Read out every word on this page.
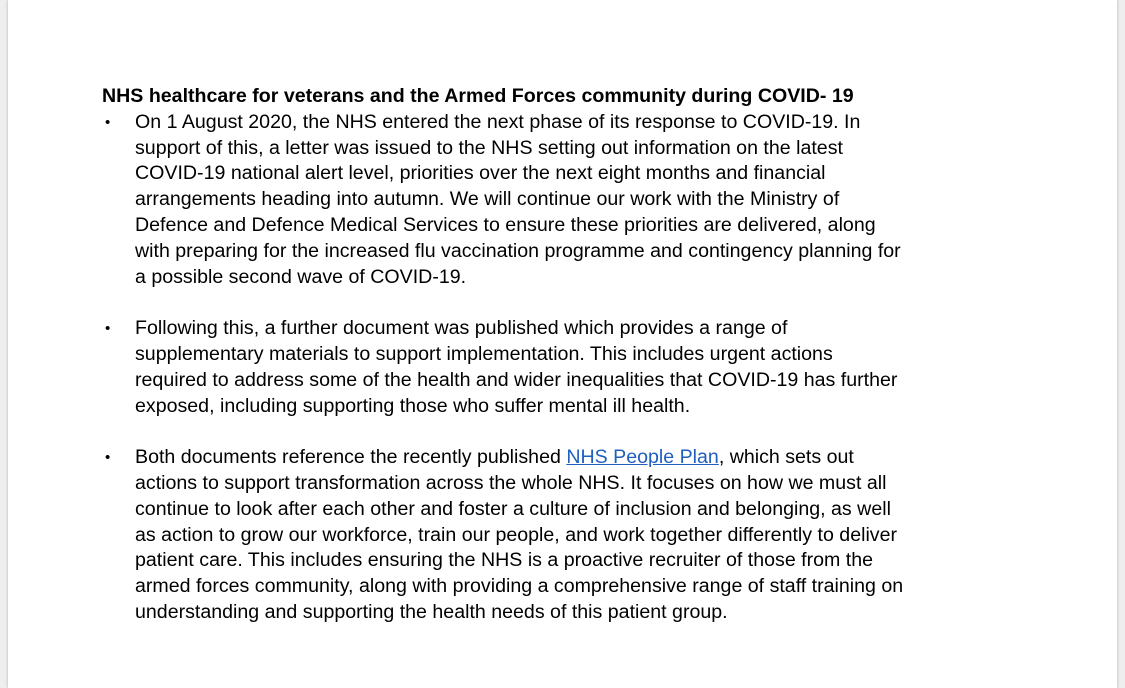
NHS healthcare for veterans and the Armed Forces community during COVID- 19
• On 1 August 2020, the NHS entered the next phase of its response to COVID-19. In
support of this, a letter was issued to the NHS setting out information on the latest
COVID-19 national alert level, priorities over the next eight months and financial
arrangements heading into autumn. We will continue our work with the Ministry of
Defence and Defence Medical Services to ensure these priorities are delivered, along
with preparing for the increased flu vaccination programme and contingency planning for
a possible second wave of COVID-19.
• Following this, a further document was published which provides a range of
supplementary materials to support implementation. This includes urgent actions
required to address some of the health and wider inequalities that COVID-19 has further
exposed, including supporting those who suffer mental ill health.
• Both documents reference the recently published NHS People Plan, which sets out
actions to support transformation across the whole NHS. It focuses on how we must all
continue to look after each other and foster a culture of inclusion and belonging, as well
as action to grow our workforce, train our people, and work together differently to deliver
patient care. This includes ensuring the NHS is a proactive recruiter of those from the
armed forces community, along with providing a comprehensive range of staff training on
understanding and supporting the health needs of this patient group.
